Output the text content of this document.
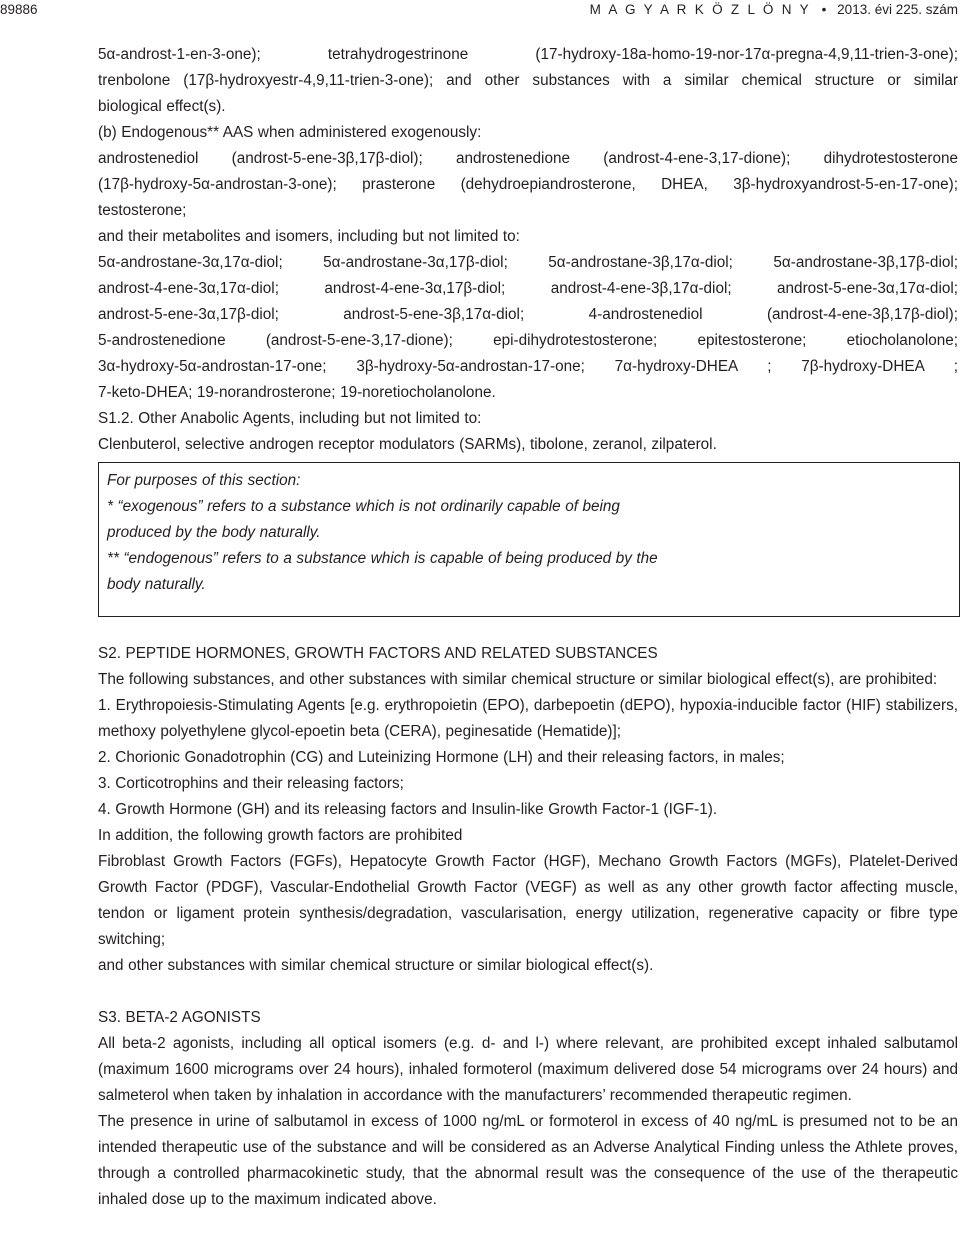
89886	M A G Y A R K Ö Z L Ö N Y • 2013. évi 225. szám

5α-androst-1-en-3-one); tetrahydrogestrinone (17-hydroxy-18a-homo-19-nor-17α-pregna-4,9,11-trien-3-one);

trenbolone (17β-hydroxyestr-4,9,11-trien-3-one); and other substances with a similar chemical structure or similar

biological effect(s).

(b) Endogenous** AAS when administered exogenously:

androstenediol (androst-5-ene-3β,17β-diol); androstenedione (androst-4-ene-3,17-dione); dihydrotestosterone

(17β-hydroxy-5α-androstan-3-one); prasterone (dehydroepiandrosterone, DHEA, 3β-hydroxyandrost-5-en-17-one);

testosterone;

and their metabolites and isomers, including but not limited to:

5α-androstane-3α,17α-diol; 5α-androstane-3α,17β-diol; 5α-androstane-3β,17α-diol; 5α-androstane-3β,17β-diol;

androst-4-ene-3α,17α-diol; androst-4-ene-3α,17β-diol; androst-4-ene-3β,17α-diol; androst-5-ene-3α,17α-diol;

androst-5-ene-3α,17β-diol; androst-5-ene-3β,17α-diol; 4-androstenediol (androst-4-ene-3β,17β-diol);

5-androstenedione (androst-5-ene-3,17-dione); epi-dihydrotestosterone; epitestosterone; etiocholanolone;

3α-hydroxy-5α-androstan-17-one; 3β-hydroxy-5α-androstan-17-one; 7α-hydroxy-DHEA ; 7β-hydroxy-DHEA ;

7-keto-DHEA; 19-norandrosterone; 19-noretiocholanolone.

S1.2. Other Anabolic Agents, including but not limited to:

Clenbuterol, selective androgen receptor modulators (SARMs), tibolone, zeranol, zilpaterol.

For purposes of this section:

* “exogenous” refers to a substance which is not ordinarily capable of being

produced by the body naturally.

** “endogenous” refers to a substance which is capable of being produced by the

body naturally.

S2. PEPTIDE HORMONES, GROWTH FACTORS AND RELATED SUBSTANCES

The following substances, and other substances with similar chemical structure or similar biological effect(s), are prohibited:

1. Erythropoiesis-Stimulating Agents [e.g. erythropoietin (EPO), darbepoetin (dEPO), hypoxia-inducible factor (HIF) stabilizers, methoxy polyethylene glycol-epoetin beta (CERA), peginesatide (Hematide)];

2. Chorionic Gonadotrophin (CG) and Luteinizing Hormone (LH) and their releasing factors, in males;

3. Corticotrophins and their releasing factors;

4. Growth Hormone (GH) and its releasing factors and Insulin-like Growth Factor-1 (IGF-1).

In addition, the following growth factors are prohibited

Fibroblast Growth Factors (FGFs), Hepatocyte Growth Factor (HGF), Mechano Growth Factors (MGFs), Platelet-Derived Growth Factor (PDGF), Vascular-Endothelial Growth Factor (VEGF) as well as any other growth factor affecting muscle, tendon or ligament protein synthesis/degradation, vascularisation, energy utilization, regenerative capacity or fibre type switching;

and other substances with similar chemical structure or similar biological effect(s).

S3. BETA-2 AGONISTS

All beta-2 agonists, including all optical isomers (e.g. d- and l-) where relevant, are prohibited except inhaled salbutamol (maximum 1600 micrograms over 24 hours), inhaled formoterol (maximum delivered dose 54 micrograms over 24 hours) and salmeterol when taken by inhalation in accordance with the manufacturers’ recommended therapeutic regimen.

The presence in urine of salbutamol in excess of 1000 ng/mL or formoterol in excess of 40 ng/mL is presumed not to be an intended therapeutic use of the substance and will be considered as an Adverse Analytical Finding unless the Athlete proves, through a controlled pharmacokinetic study, that the abnormal result was the consequence of the use of the therapeutic inhaled dose up to the maximum indicated above.
